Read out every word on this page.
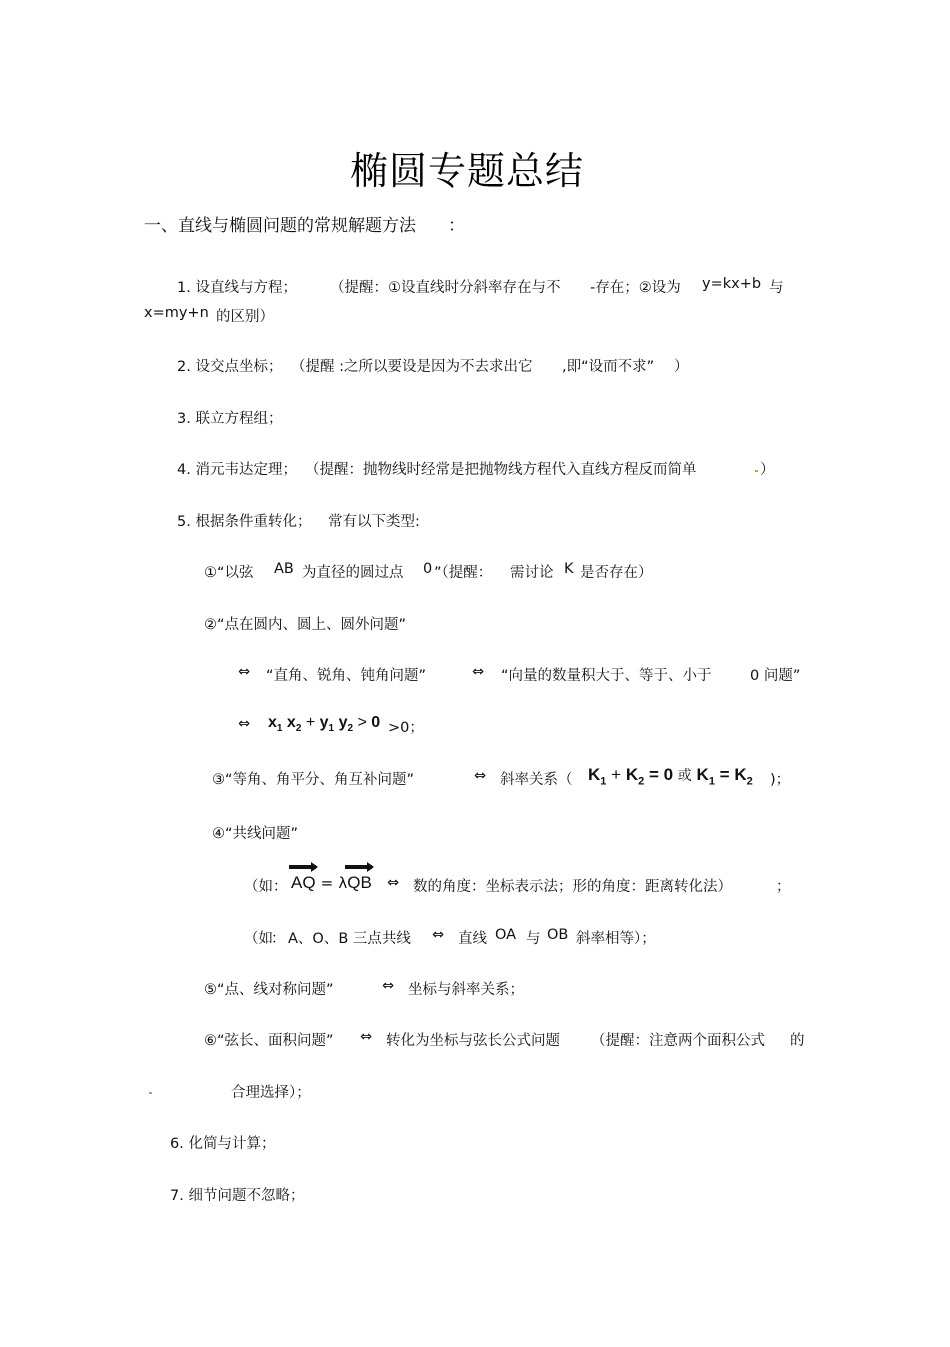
椭圆专题总结
一、直线与椭圆问题的常规解题方法 ：
1. 设直线与方程； （提醒：①设直线时分斜率存在与不 -存在；②设为 y=kx+b 与
x=my+n 的区别）
2. 设交点坐标； （提醒 :之所以要设是因为不去求出它 ,即“设而不求” ）
3. 联立方程组；
4. 消元韦达定理； （提醒：抛物线时经常是把抛物线方程代入直线方程反而简单	）
5. 根据条件重转化； 常有以下类型:
①“以弦 AB 为直径的圆过点 0 ”（提醒： 需讨论 K 是否存在）
②“点在圆内、圆上、圆外问题”
⇔ “直角、锐角、钝角问题”	⇔ “向量的数量积大于、等于、小于	0 问题”
⇔ $x_1$ $x_2 + y_1$ $y_2 > 0 >0$；
③“等角、角平分、角互补问题”	⇔ 斜率关系（ $K_1 + K_2 = 0$ 或 $K_1 = K_2$ )；
④“共线问题”
（如： AQ = λ
QB ⇔ 数的角度：坐标表示法；形的角度：距离转化法）	；
（如
： A、O、B 三点共线 ⇔ 直线 OA 与 OB 斜率相等）；
⑤“点、线对称问题”	⇔ 坐标与斜率关系；
⑥“弦长、面积问题” ⇔ 转化为坐标与弦长公式问题 （提醒：注意两个面积公式 的
合理选择）；
6. 化简与计算；
7. 细节问题不忽略；
